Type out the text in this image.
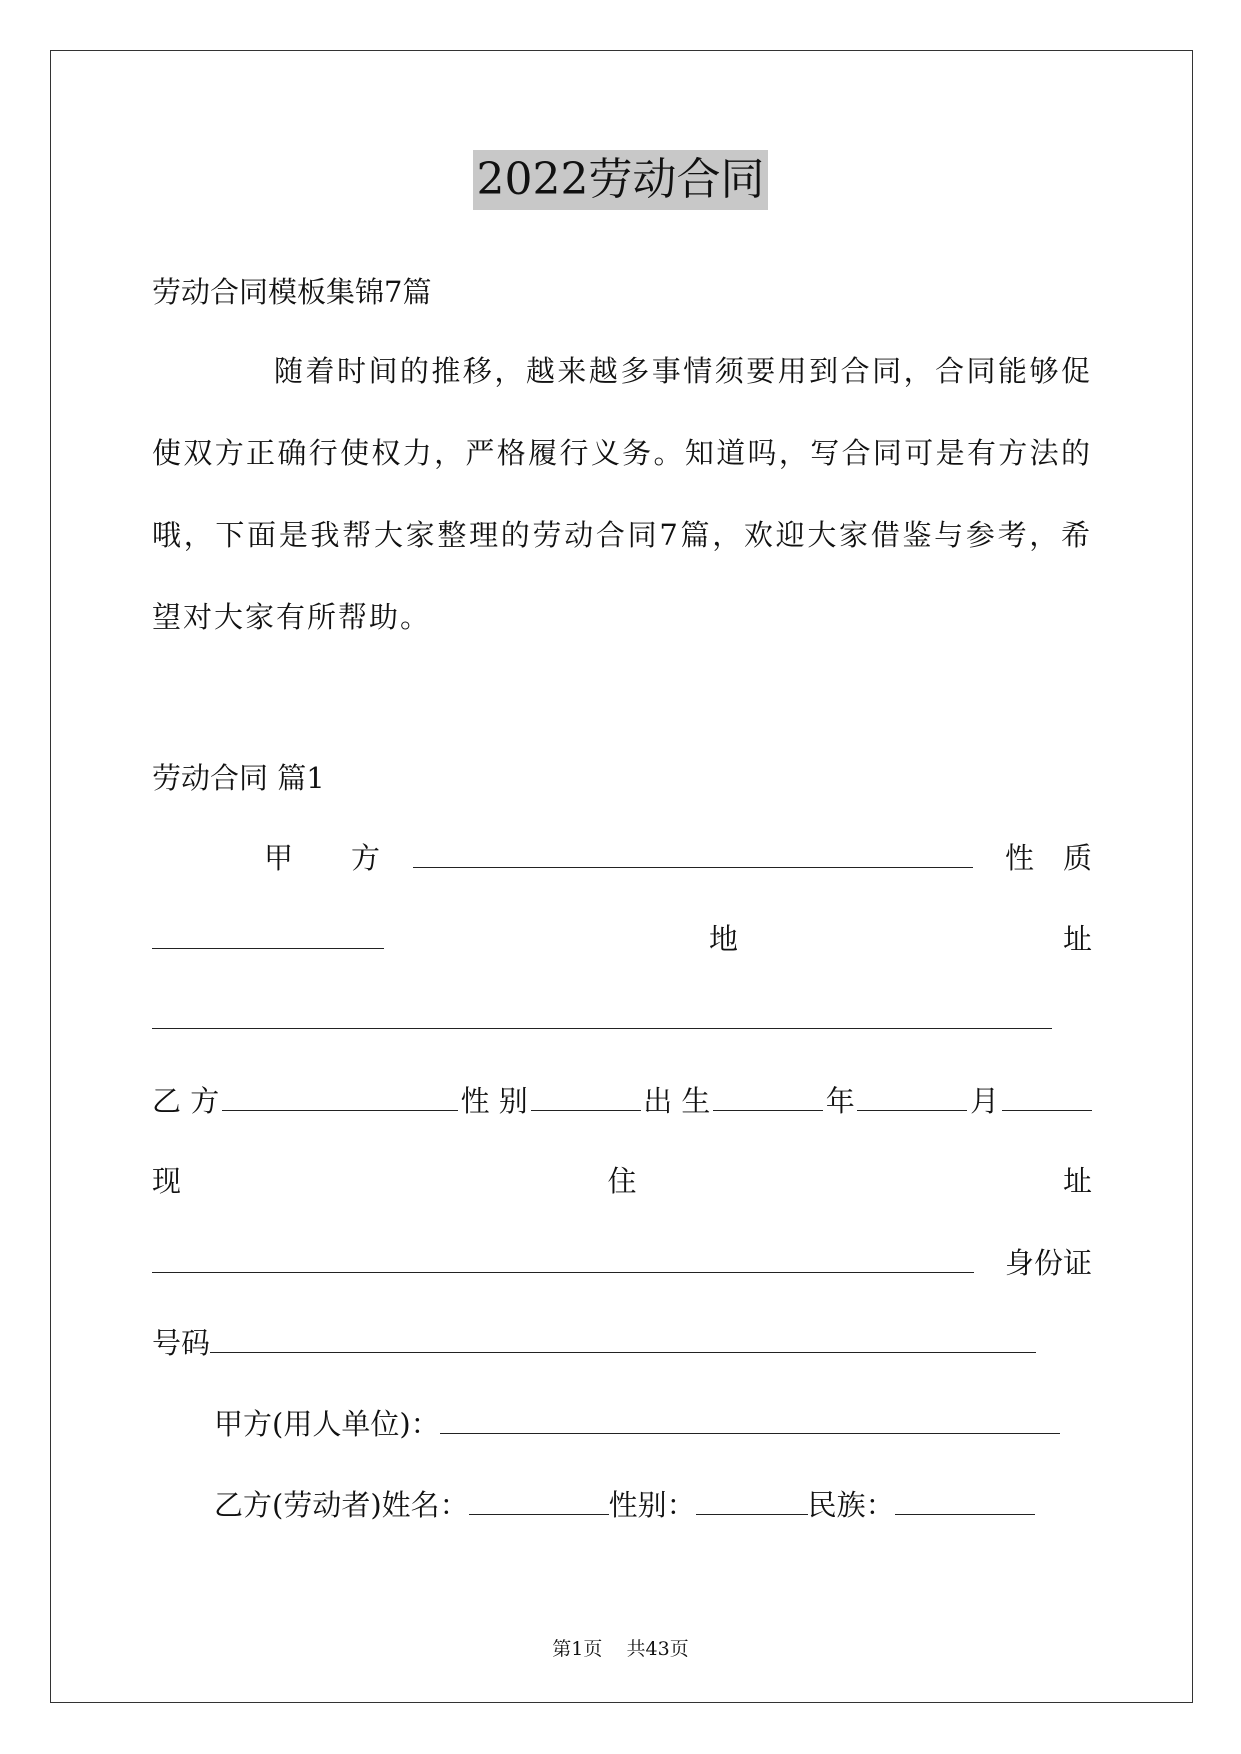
2022劳动合同
劳动合同模板集锦7篇
随着时间的推移，越来越多事情须要用到合同，合同能够促使双方正确行使权力，严格履行义务。知道吗，写合同可是有方法的哦，下面是我帮大家整理的劳动合同7篇，欢迎大家借鉴与参考，希望对大家有所帮助。
劳动合同 篇1
甲　　方	性　质
地	址
乙 方	性 别	出 生	年	月
现	住	址
身份证
号码
甲方(用人单位)：
乙方(劳动者)姓名：	性别：	民族：
第1页 共43页
